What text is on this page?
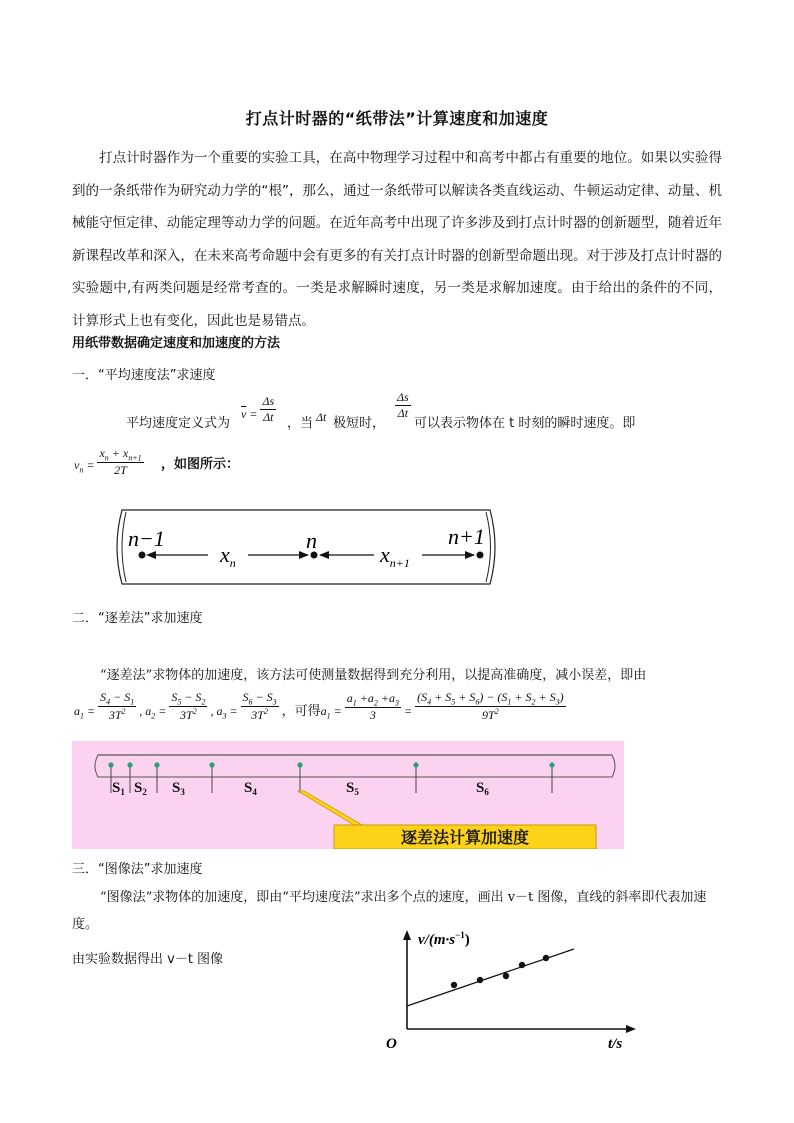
打点计时器的“纸带法”计算速度和加速度
打点计时器作为一个重要的实验工具，在高中物理学习过程中和高考中都占有重要的地位。如果以实验得到的一条纸带作为研究动力学的“根”，那么，通过一条纸带可以解读各类直线运动、牛顿运动定律、动量、机械能守恒定律、动能定理等动力学的问题。在近年高考中出现了许多涉及到打点计时器的创新题型，随着近年新课程改革和深入，在未来高考命题中会有更多的有关打点计时器的创新型命题出现。对于涉及打点计时器的实验题中,有两类问题是经常考查的。一类是求解瞬时速度，另一类是求解加速度。由于给出的条件的不同，计算形式上也有变化，因此也是易错点。
用纸带数据确定速度和加速度的方法
一．“平均速度法”求速度
平均速度定义式为
$\overline{v} = \frac{\Delta s}{\Delta t}$ ，当 Δt 极短时，
$\frac{\Delta s}{\Delta t}$
可以表示物体在 t 时刻的瞬时速度。即
$v_n = \frac{x_n + x_{n+1}}{2T}$ ，如图所示：
n−1	n	n+1
$x_n$	$x_{n+1}$
二．“逐差法”求加速度
“逐差法”求物体的加速度，该方法可使测量数据得到充分利用，以提高准确度，减小误差，即由
$a_1 = \frac{S_4 - S_1}{3T^2}$ , $a_2 = \frac{S_5 - S_2}{3T^2}$ , $a_3 = \frac{S_6 - S_3}{3T^2}$ ，可得$a_1 = \frac{a_1 +a_2 +a_3}{3} = \frac{(S_4 + S_5 + S_6) - (S_1 + S_2 + S_3)}{9T^2}$
$S_1$ $S_2$ $S_3$	$S_4$	$S_5$	$S_6$
逐差法计算加速度
三．“图像法”求加速度
“图像法”求物体的加速度，即由“平均速度法”求出多个点的速度，画出 v－t 图像，直线的斜率即代表加速度。
由实验数据得出 v－t 图像
$v/(m\cdot s^{-1})$
t/s
O
